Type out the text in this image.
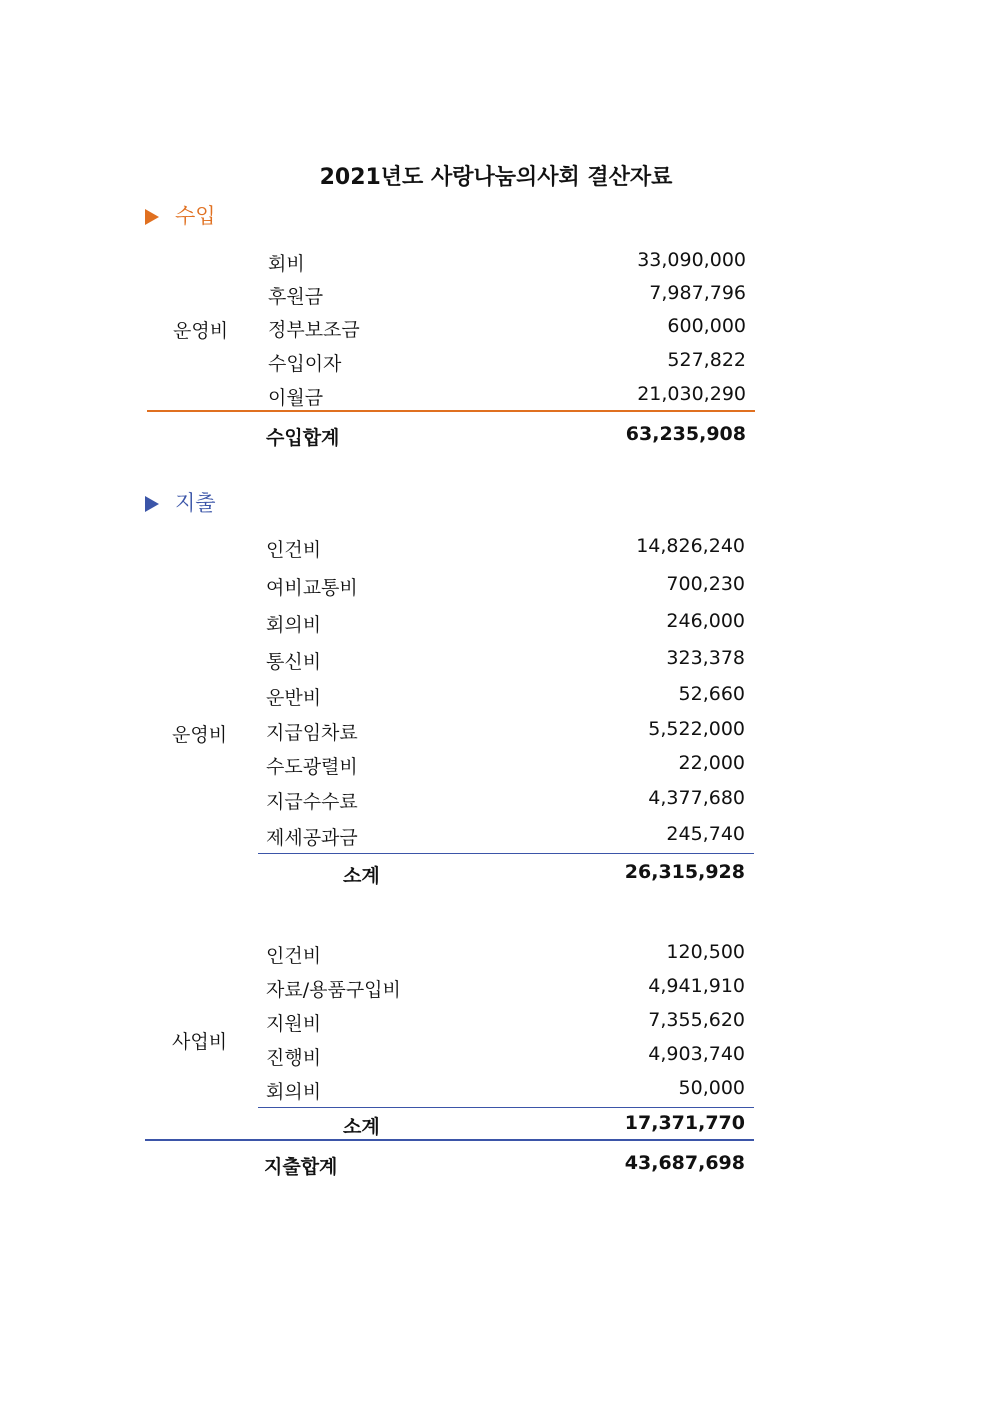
2021년도 사랑나눔의사회 결산자료
수입
운영비
회비	33,090,000
후원금	7,987,796
정부보조금	600,000
수입이자	527,822
이월금	21,030,290
수입합계	63,235,908
지출
운영비
인건비	14,826,240
여비교통비	700,230
회의비	246,000
통신비	323,378
운반비	52,660
지급임차료	5,522,000
수도광렬비	22,000
지급수수료	4,377,680
제세공과금	245,740
소계	26,315,928
사업비
인건비	120,500
자료/용품구입비	4,941,910
지원비	7,355,620
진행비	4,903,740
회의비	50,000
소계	17,371,770
지출합계	43,687,698
